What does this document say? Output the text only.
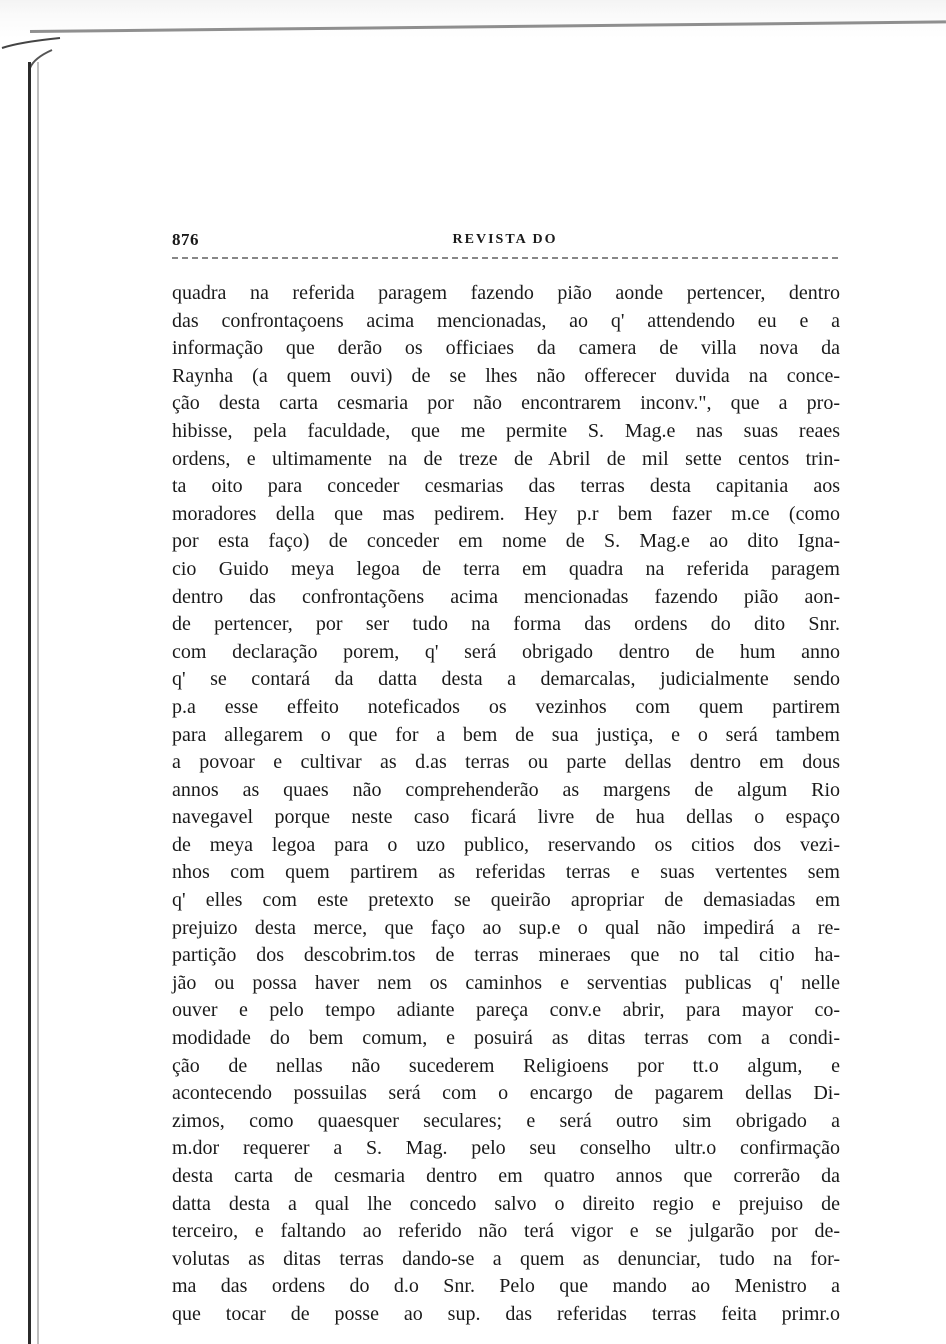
876	REVISTA DO
quadra na referida paragem fazendo pião aonde pertencer, dentro
das confrontaçoens acima mencionadas, ao q' attendendo eu e a
informação que derão os officiaes da camera de villa nova da
Raynha (a quem ouvi) de se lhes não offerecer duvida na conce-
ção desta carta cesmaria por não encontrarem inconv.", que a pro-
hibisse, pela faculdade, que me permite S. Mag.e nas suas reaes
ordens, e ultimamente na de treze de Abril de mil sette centos trin-
ta oito para conceder cesmarias das terras desta capitania aos
moradores della que mas pedirem. Hey p.r bem fazer m.ce (como
por esta faço) de conceder em nome de S. Mag.e ao dito Igna-
cio Guido meya legoa de terra em quadra na referida paragem
dentro das confrontaçõens acima mencionadas fazendo pião aon-
de pertencer, por ser tudo na forma das ordens do dito Snr.
com declaração porem, q' será obrigado dentro de hum anno
q' se contará da datta desta a demarcalas, judicialmente sendo
p.a esse effeito noteficados os vezinhos com quem partirem
para allegarem o que for a bem de sua justiça, e o será tambem
a povoar e cultivar as d.as terras ou parte dellas dentro em dous
annos as quaes não comprehenderão as margens de algum Rio
navegavel porque neste caso ficará livre de hua dellas o espaço
de meya legoa para o uzo publico, reservando os citios dos vezi-
nhos com quem partirem as referidas terras e suas vertentes sem
q' elles com este pretexto se queirão apropriar de demasiadas em
prejuizo desta merce, que faço ao sup.e o qual não impedirá a re-
partição dos descobrim.tos de terras mineraes que no tal citio ha-
jão ou possa haver nem os caminhos e serventias publicas q' nelle
ouver e pelo tempo adiante pareça conv.e abrir, para mayor co-
modidade do bem comum, e posuirá as ditas terras com a condi-
ção de nellas não sucederem Religioens por tt.o algum, e
acontecendo possuilas será com o encargo de pagarem dellas Di-
zimos, como quaesquer seculares; e será outro sim obrigado a
m.dor requerer a S. Mag. pelo seu conselho ultr.o confirmação
desta carta de cesmaria dentro em quatro annos que correrão da
datta desta a qual lhe concedo salvo o direito regio e prejuiso de
terceiro, e faltando ao referido não terá vigor e se julgarão por de-
volutas as ditas terras dando-se a quem as denunciar, tudo na for-
ma das ordens do d.o Snr. Pelo que mando ao Menistro a
que tocar de posse ao sup. das referidas terras feita primr.o
